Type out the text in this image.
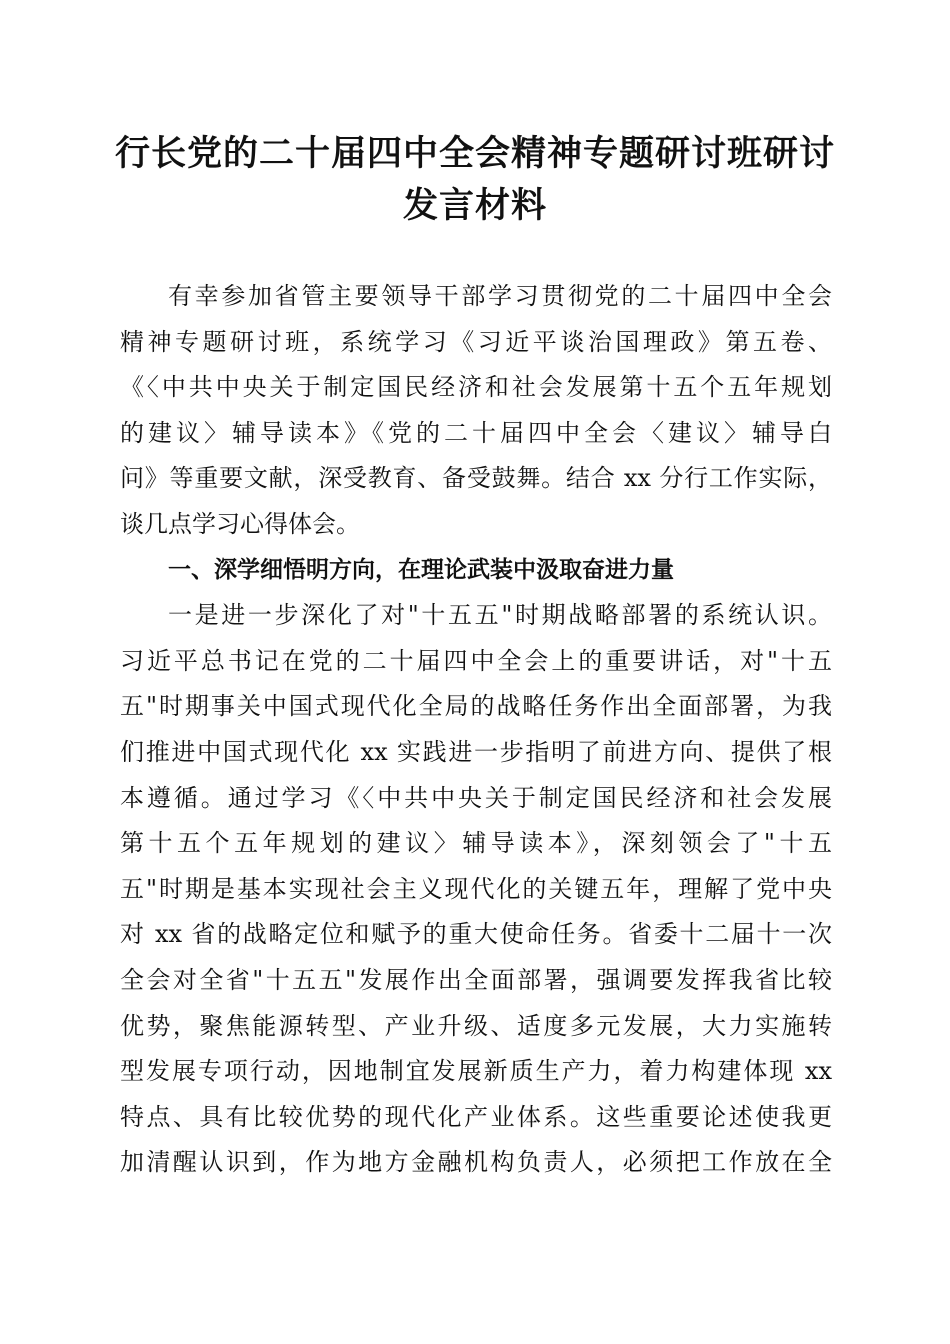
行长党的二十届四中全会精神专题研讨班研讨
发言材料
有幸参加省管主要领导干部学习贯彻党的二十届四中全会
精神专题研讨班，系统学习《习近平谈治国理政》第五卷、
《〈中共中央关于制定国民经济和社会发展第十五个五年规划
的建议〉辅导读本》《党的二十届四中全会〈建议〉辅导白
问》等重要文献，深受教育、备受鼓舞。结合 xx 分行工作实际，
谈几点学习心得体会。
一、深学细悟明方向，在理论武装中汲取奋进力量
一是进一步深化了对"十五五"时期战略部署的系统认识。
习近平总书记在党的二十届四中全会上的重要讲话，对"十五
五"时期事关中国式现代化全局的战略任务作出全面部署，为我
们推进中国式现代化 xx 实践进一步指明了前进方向、提供了根
本遵循。通过学习《〈中共中央关于制定国民经济和社会发展
第十五个五年规划的建议〉辅导读本》，深刻领会了"十五
五"时期是基本实现社会主义现代化的关键五年，理解了党中央
对 xx 省的战略定位和赋予的重大使命任务。省委十二届十一次
全会对全省"十五五"发展作出全面部署，强调要发挥我省比较
优势，聚焦能源转型、产业升级、适度多元发展，大力实施转
型发展专项行动，因地制宜发展新质生产力，着力构建体现 xx
特点、具有比较优势的现代化产业体系。这些重要论述使我更
加清醒认识到，作为地方金融机构负责人，必须把工作放在全
